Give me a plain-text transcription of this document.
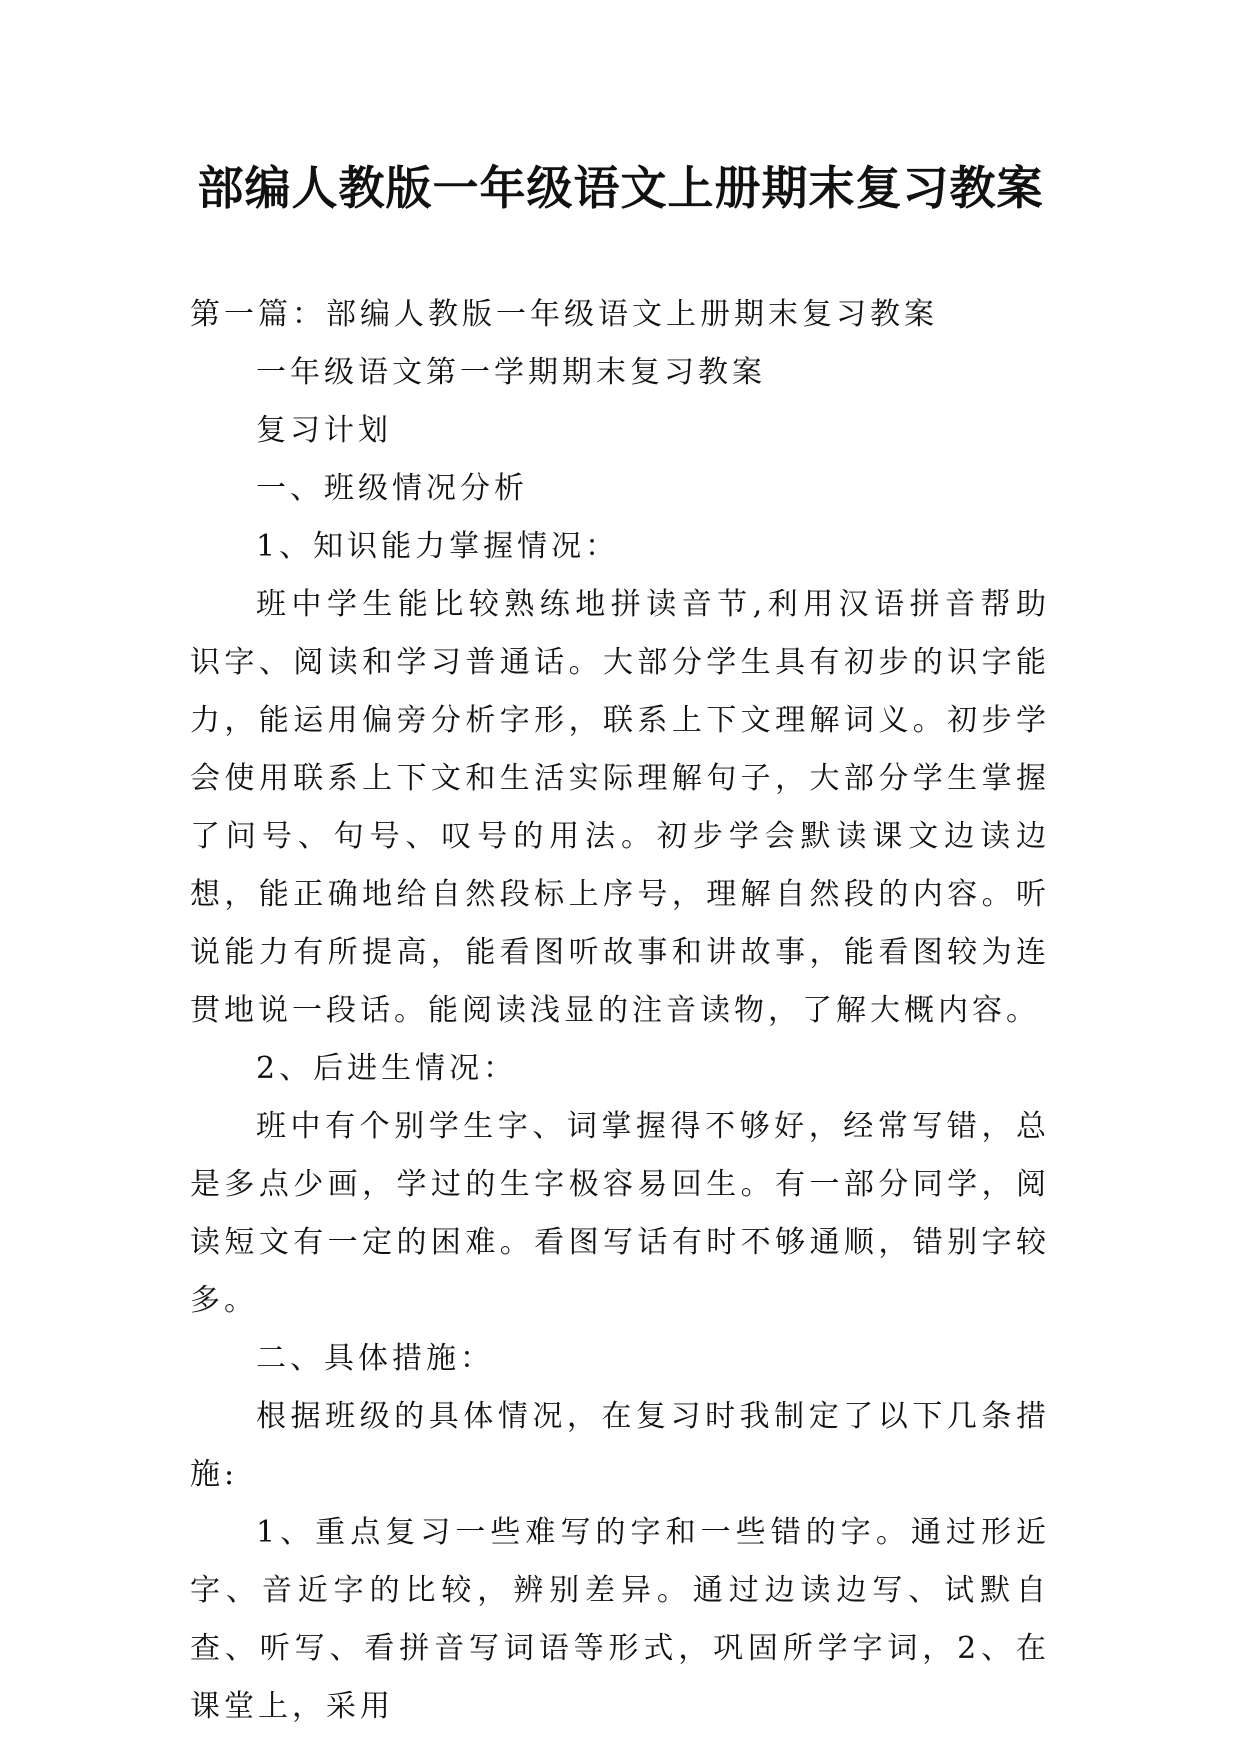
部编人教版一年级语文上册期末复习教案

第一篇：部编人教版一年级语文上册期末复习教案

一年级语文第一学期期末复习教案

复习计划

一、班级情况分析

1、知识能力掌握情况：

班中学生能比较熟练地拼读音节,利用汉语拼音帮助识字、阅读和学习普通话。大部分学生具有初步的识字能力，能运用偏旁分析字形，联系上下文理解词义。初步学会使用联系上下文和生活实际理解句子，大部分学生掌握了问号、句号、叹号的用法。初步学会默读课文边读边想，能正确地给自然段标上序号，理解自然段的内容。听说能力有所提高，能看图听故事和讲故事，能看图较为连贯地说一段话。能阅读浅显的注音读物，了解大概内容。

2、后进生情况：

班中有个别学生字、词掌握得不够好，经常写错，总是多点少画，学过的生字极容易回生。有一部分同学，阅读短文有一定的困难。看图写话有时不够通顺，错别字较多。

二、具体措施：

根据班级的具体情况，在复习时我制定了以下几条措施:

1、重点复习一些难写的字和一些错的字。通过形近字、音近字的比较，辨别差异。通过边读边写、试默自查、听写、看拼音写词语等形式，巩固所学字词，2、在课堂上，采用
